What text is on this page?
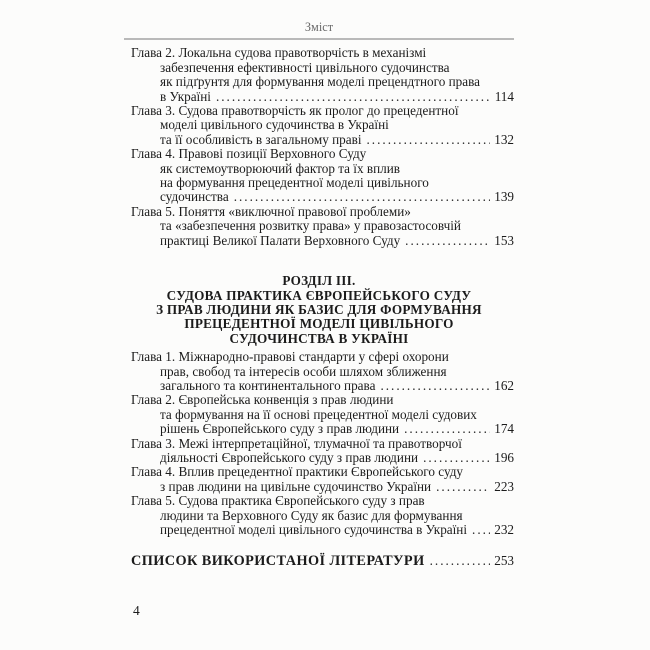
Зміст
Глава 2. Локальна судова правотворчість в механізмі
забезпечення ефективності цивільного судочинства
як підґрунтя для формування моделі прецендтного права
в Україні .....	114
Глава 3. Судова правотворчість як пролог до прецедентної
моделі цивільного судочинства в Україні
та її особливість в загальному праві .....	132
Глава 4. Правові позиції Верховного Суду
як системоутворюючий фактор та їх вплив
на формування прецедентної моделі цивільного
судочинства .....	139
Глава 5. Поняття «виключної правової проблеми»
та «забезпечення розвитку права» у правозастосовчій
практиці Великої Палати Верховного Суду .....	153
РОЗДІЛ ІІІ.
СУДОВА ПРАКТИКА ЄВРОПЕЙСЬКОГО СУДУ
З ПРАВ ЛЮДИНИ ЯК БАЗИС ДЛЯ ФОРМУВАННЯ
ПРЕЦЕДЕНТНОЇ МОДЕЛІ ЦИВІЛЬНОГО
СУДОЧИНСТВА В УКРАЇНІ
Глава 1. Міжнародно-правові стандарти у сфері охорони
прав, свобод та інтересів особи шляхом зближення
загального та континентального права .....	162
Глава 2. Європейська конвенція з прав людини
та формування на її основі прецедентної моделі судових
рішень Європейського суду з прав людини .....	174
Глава 3. Межі інтерпретаційної, тлумачної та правотворчої
діяльності Європейського суду з прав людини .....	196
Глава 4. Вплив прецедентної практики Європейського суду
з прав людини на цивільне судочинство України .....	223
Глава 5. Судова практика Європейського суду з прав
людини та Верховного Суду як базис для формування
прецедентної моделі цивільного судочинства в Україні ..... 232
СПИСОК ВИКОРИСТАНОЇ ЛІТЕРАТУРИ .....	253
4
